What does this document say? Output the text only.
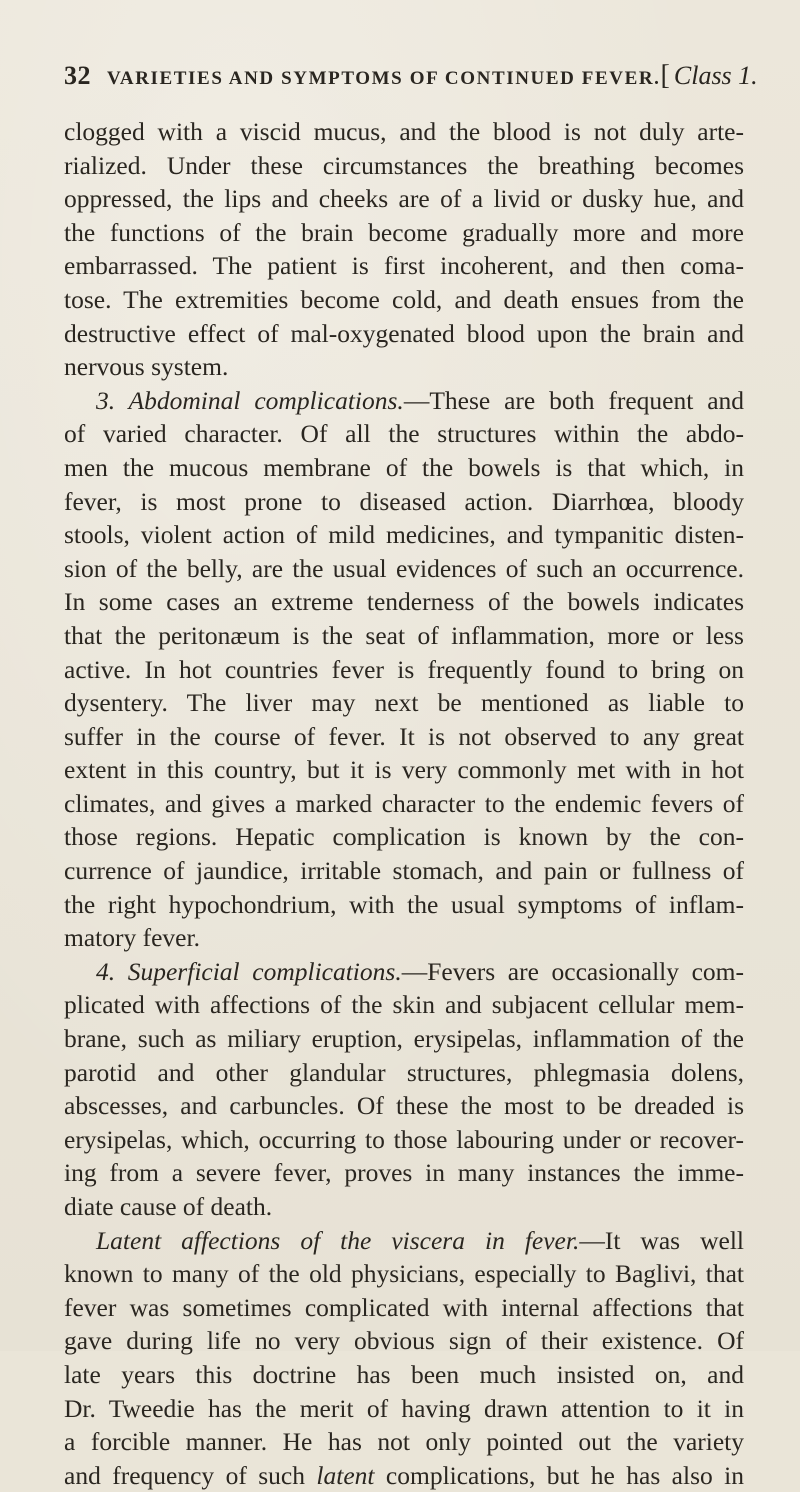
32 VARIETIES AND SYMPTOMS OF CONTINUED FEVER. [ Class 1.
clogged with a viscid mucus, and the blood is not duly arte-
rialized. Under these circumstances the breathing becomes
oppressed, the lips and cheeks are of a livid or dusky hue, and
the functions of the brain become gradually more and more
embarrassed. The patient is first incoherent, and then coma-
tose. The extremities become cold, and death ensues from the
destructive effect of mal-oxygenated blood upon the brain and
nervous system.
3. Abdominal complications.—These are both frequent and
of varied character. Of all the structures within the abdo-
men the mucous membrane of the bowels is that which, in
fever, is most prone to diseased action. Diarrhœa, bloody
stools, violent action of mild medicines, and tympanitic disten-
sion of the belly, are the usual evidences of such an occurrence.
In some cases an extreme tenderness of the bowels indicates
that the peritonæum is the seat of inflammation, more or less
active. In hot countries fever is frequently found to bring on
dysentery. The liver may next be mentioned as liable to
suffer in the course of fever. It is not observed to any great
extent in this country, but it is very commonly met with in hot
climates, and gives a marked character to the endemic fevers of
those regions. Hepatic complication is known by the con-
currence of jaundice, irritable stomach, and pain or fullness of
the right hypochondrium, with the usual symptoms of inflam-
matory fever.
4. Superficial complications.—Fevers are occasionally com-
plicated with affections of the skin and subjacent cellular mem-
brane, such as miliary eruption, erysipelas, inflammation of the
parotid and other glandular structures, phlegmasia dolens,
abscesses, and carbuncles. Of these the most to be dreaded is
erysipelas, which, occurring to those labouring under or recover-
ing from a severe fever, proves in many instances the imme-
diate cause of death.
Latent affections of the viscera in fever.—It was well
known to many of the old physicians, especially to Baglivi, that
fever was sometimes complicated with internal affections that
gave during life no very obvious sign of their existence. Of
late years this doctrine has been much insisted on, and
Dr. Tweedie has the merit of having drawn attention to it in
a forcible manner. He has not only pointed out the variety
and frequency of such latent complications, but he has also in
